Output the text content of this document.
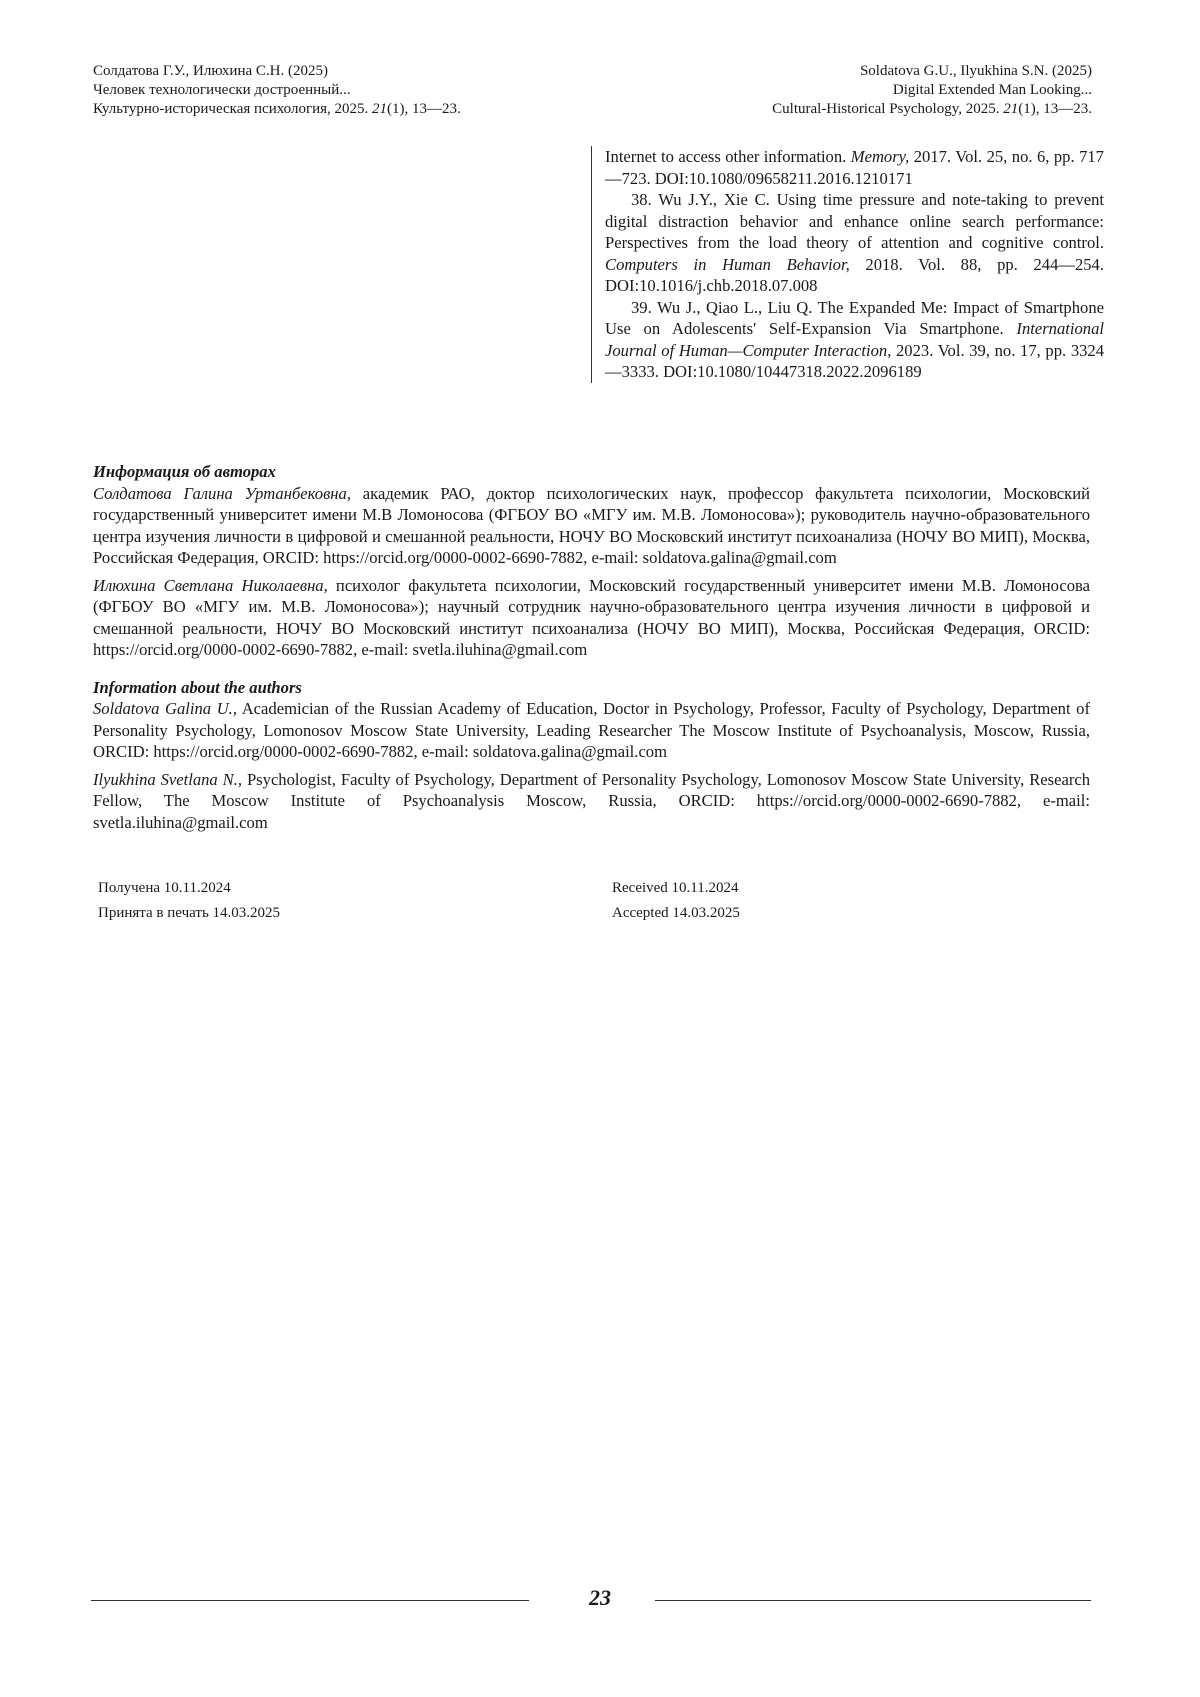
Солдатова Г.У., Илюхина С.Н. (2025)
Человек технологически достроенный...
Культурно-историческая психология, 2025. 21(1), 13—23.
Soldatova G.U., Ilyukhina S.N. (2025)
Digital Extended Man Looking...
Cultural-Historical Psychology, 2025. 21(1), 13—23.

Internet to access other information. Memory, 2017. Vol. 25, no. 6, pp. 717—723. DOI:10.1080/09658211.2016.1210171

38. Wu J.Y., Xie C. Using time pressure and note-taking to prevent digital distraction behavior and enhance online search performance: Perspectives from the load theory of attention and cognitive control. Computers in Human Behavior, 2018. Vol. 88, pp. 244—254. DOI:10.1016/j.chb.2018.07.008

39. Wu J., Qiao L., Liu Q. The Expanded Me: Impact of Smartphone Use on Adolescents' Self-Expansion Via Smartphone. International Journal of Human—Computer Interaction, 2023. Vol. 39, no. 17, pp. 3324—3333. DOI:10.1080/10447318.2022.2096189

Информация об авторах

Солдатова Галина Уртанбековна, академик РАО, доктор психологических наук, профессор факультета психологии, Московский государственный университет имени М.В Ломоносова (ФГБОУ ВО «МГУ им. М.В. Ломоносова»); руководитель научно-образовательного центра изучения личности в цифровой и смешанной реальности, НОЧУ ВО Московский институт психоанализа (НОЧУ ВО МИП), Москва, Российская Федерация, ORCID: https://orcid.org/0000-0002-6690-7882, e-mail: soldatova.galina@gmail.com

Илюхина Светлана Николаевна, психолог факультета психологии, Московский государственный университет имени М.В. Ломоносова (ФГБОУ ВО «МГУ им. М.В. Ломоносова»); научный сотрудник научно-образовательного центра изучения личности в цифровой и смешанной реальности, НОЧУ ВО Московский институт психоанализа (НОЧУ ВО МИП), Москва, Российская Федерация, ORCID: https://orcid.org/0000-0002-6690-7882, e-mail: svetla.iluhina@gmail.com

Information about the authors

Soldatova Galina U., Academician of the Russian Academy of Education, Doctor in Psychology, Professor, Faculty of Psychology, Department of Personality Psychology, Lomonosov Moscow State University, Leading Researcher The Moscow Institute of Psychoanalysis, Moscow, Russia, ORCID: https://orcid.org/0000-0002-6690-7882, e-mail: soldatova.galina@gmail.com

Ilyukhina Svetlana N., Psychologist, Faculty of Psychology, Department of Personality Psychology, Lomonosov Moscow State University, Research Fellow, The Moscow Institute of Psychoanalysis Moscow, Russia, ORCID: https://orcid.org/0000-0002-6690-7882, e-mail: svetla.iluhina@gmail.com

Получена 10.11.2024
Принята в печать 14.03.2025
Received 10.11.2024
Accepted 14.03.2025
23
